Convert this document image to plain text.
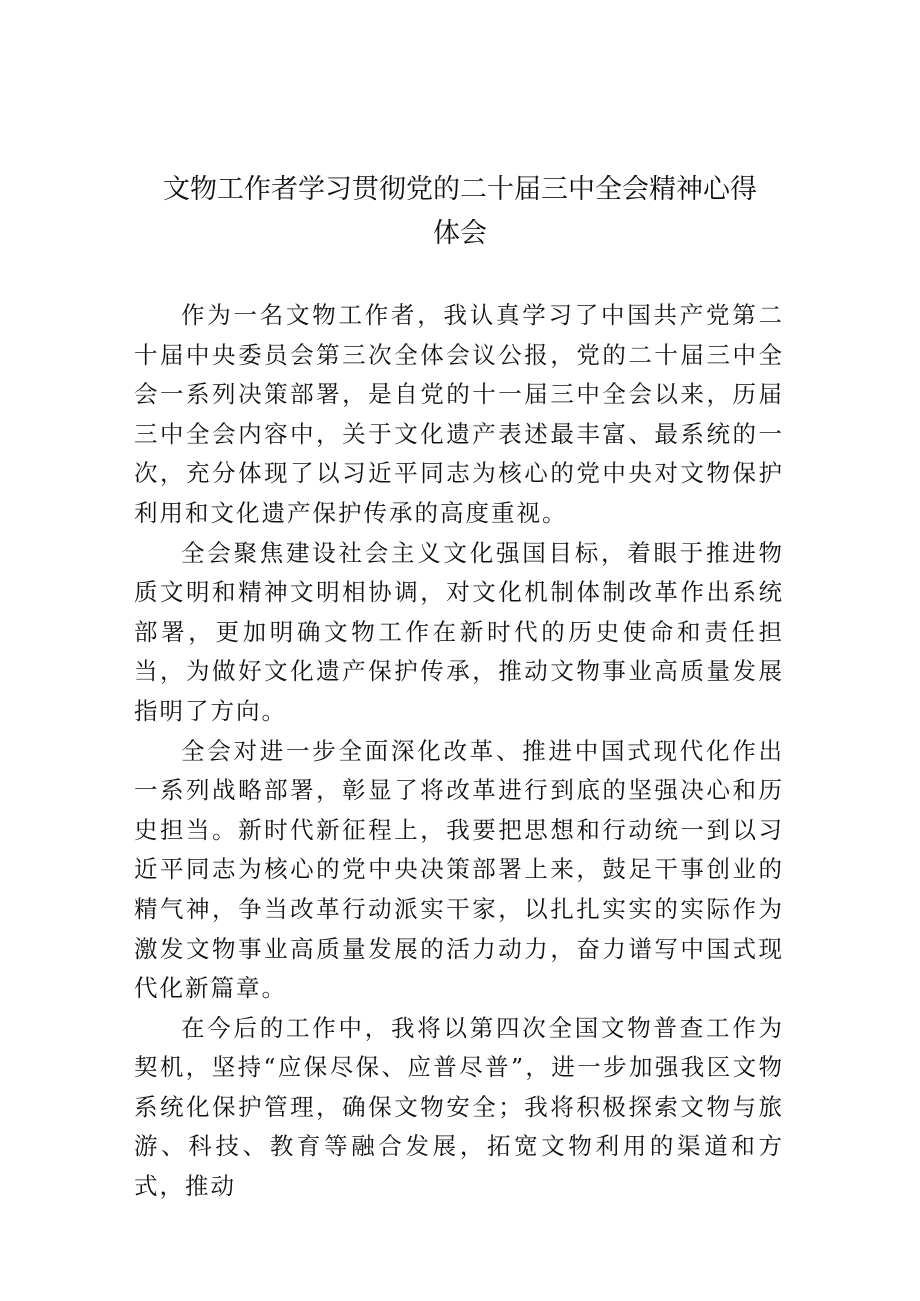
文物工作者学习贯彻党的二十届三中全会精神心得体会

作为一名文物工作者，我认真学习了中国共产党第二十届中央委员会第三次全体会议公报，党的二十届三中全会一系列决策部署，是自党的十一届三中全会以来，历届三中全会内容中，关于文化遗产表述最丰富、最系统的一次，充分体现了以习近平同志为核心的党中央对文物保护利用和文化遗产保护传承的高度重视。

全会聚焦建设社会主义文化强国目标，着眼于推进物质文明和精神文明相协调，对文化机制体制改革作出系统部署，更加明确文物工作在新时代的历史使命和责任担当，为做好文化遗产保护传承，推动文物事业高质量发展指明了方向。

全会对进一步全面深化改革、推进中国式现代化作出一系列战略部署，彰显了将改革进行到底的坚强决心和历史担当。新时代新征程上，我要把思想和行动统一到以习近平同志为核心的党中央决策部署上来，鼓足干事创业的精气神，争当改革行动派实干家，以扎扎实实的实际作为激发文物事业高质量发展的活力动力，奋力谱写中国式现代化新篇章。

在今后的工作中，我将以第四次全国文物普查工作为契机，坚持“应保尽保、应普尽普”，进一步加强我区文物系统化保护管理，确保文物安全；我将积极探索文物与旅游、科技、教育等融合发展，拓宽文物利用的渠道和方式，推动
